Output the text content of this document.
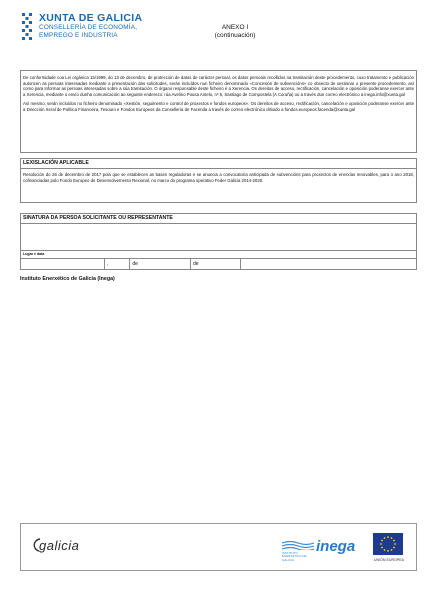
XUNTA DE GALICIA
CONSELLERÍA DE ECONOMÍA,
EMPREGO E INDUSTRIA
ANEXO I
(continuación)

De conformidade coa Lei orgánica 15/1999, do 13 de decembro, de protección de datos de carácter persoal, os datos persoais recollidos na tramitación deste procedemento, cuxo tratamento e publicación autoricen as persoas interesadas mediante a presentación das solicitudes, serán incluídos nun ficheiro denominado «Concesión de subvencións» co obxecto de xestionar o presente procedemento, así como para informar as persoas interesadas sobre a súa tramitación. O órgano responsable deste ficheiro é a Xerencia. Os dereitos de acceso, rectificación, cancelación e oposición poderanse exercer ante a Xerencia, mediante o envío dunha comunicación ao seguinte enderezo: rúa Avelino Pousa Antelo, nº 5, Santiago de Compostela (A Coruña) ou a través dun correo electrónico a inega.info@xunta.gal

Así mesmo, serán incluídos no ficheiro denominado «Xestión, seguimento e control de proxectos e fondos europeos». Os dereitos de acceso, rectificación, cancelación e oposición poderanse exercer ante a Dirección Xeral de Política Financeira, Tesouro e Fondos Europeos da Consellería de Facenda a través de correo electrónico dirixido a fondos.europeos.facenda@xunta.gal

LEXISLACIÓN APLICABLE

Resolución do 26 de decembro de 2017 pola que se establecen as bases reguladoras e se anuncia a convocatoria anticipada de subvencións para proxectos de enerxías renovables, para o ano 2018, cofinanciadas polo Fondo Europeo de Desenvolvemento Rexional, no marco do programa operativo Feder Galicia 2014-2020.

SINATURA DA PERSOA SOLICITANTE OU REPRESENTANTE
Lugar e data
,	de	de
Instituto Enerxético de Galicia (Inega)
galicia	inega
INSTITUTO
ENERXÉTICO DE GALICIA	UNIÓN EUROPEA
